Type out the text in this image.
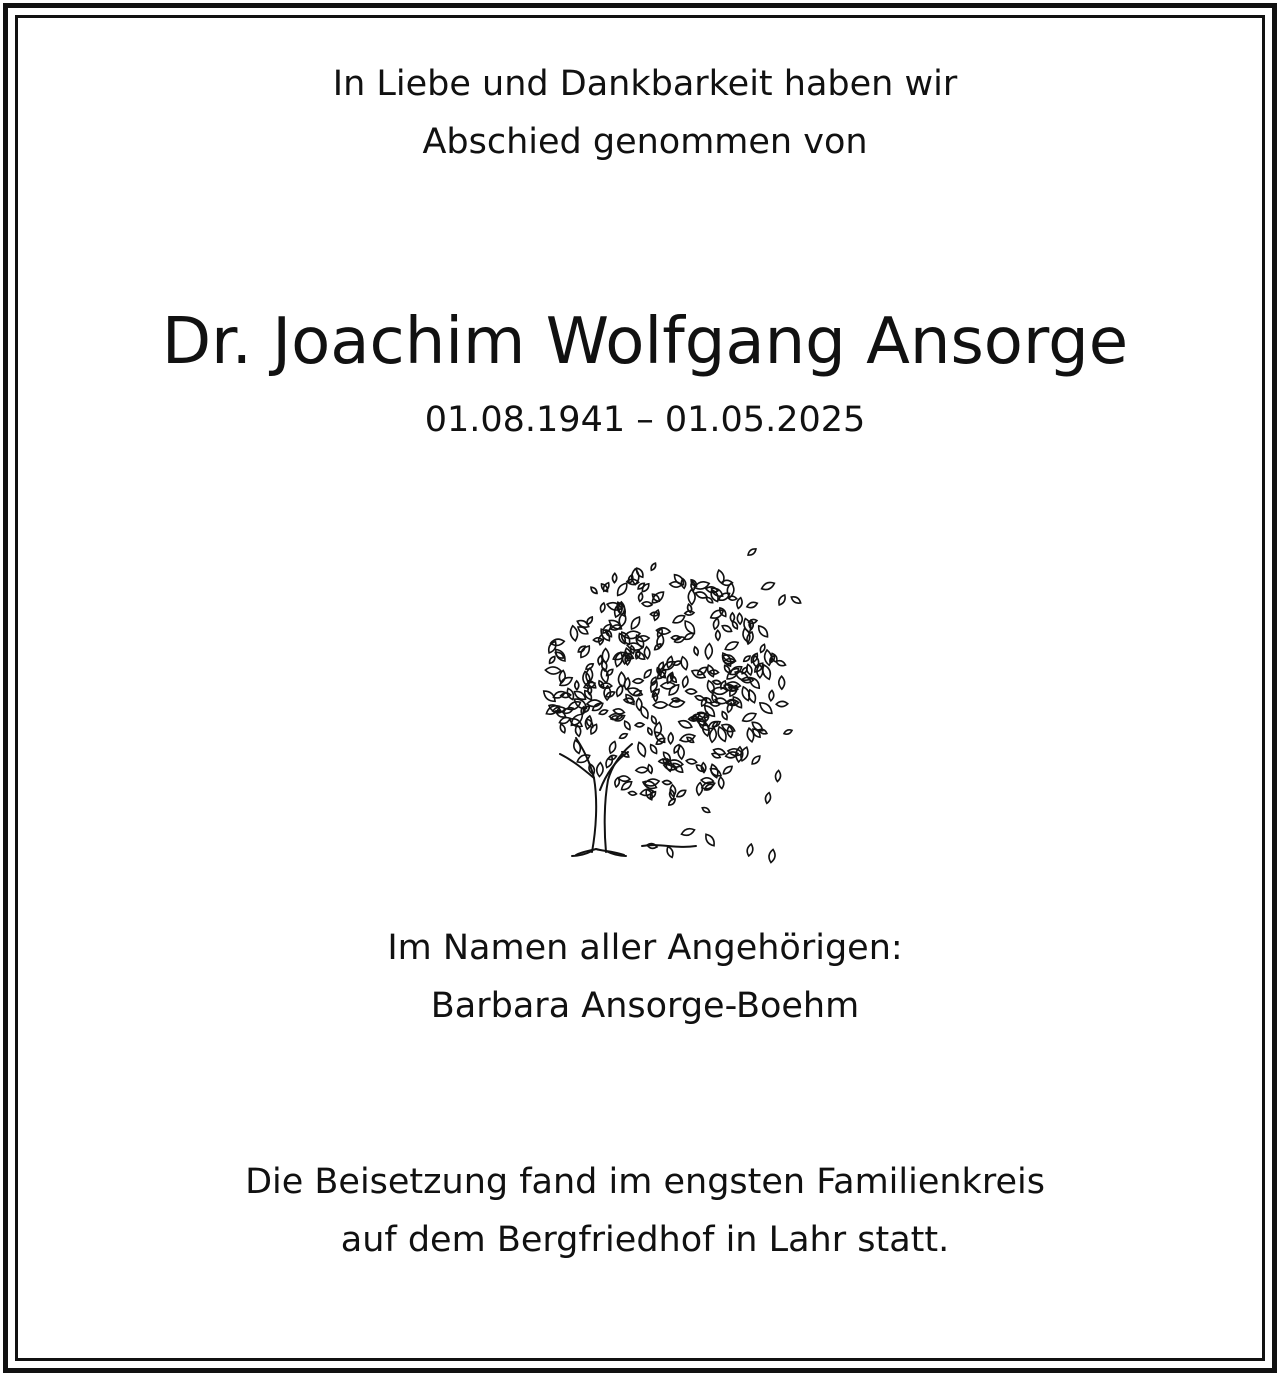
In Liebe und Dankbarkeit haben wir
Abschied genommen von
Dr. Joachim Wolfgang Ansorge
01.08.1941 – 01.05.2025
Im Namen aller Angehörigen:
Barbara Ansorge-Boehm
Die Beisetzung fand im engsten Familienkreis
auf dem Bergfriedhof in Lahr statt.
